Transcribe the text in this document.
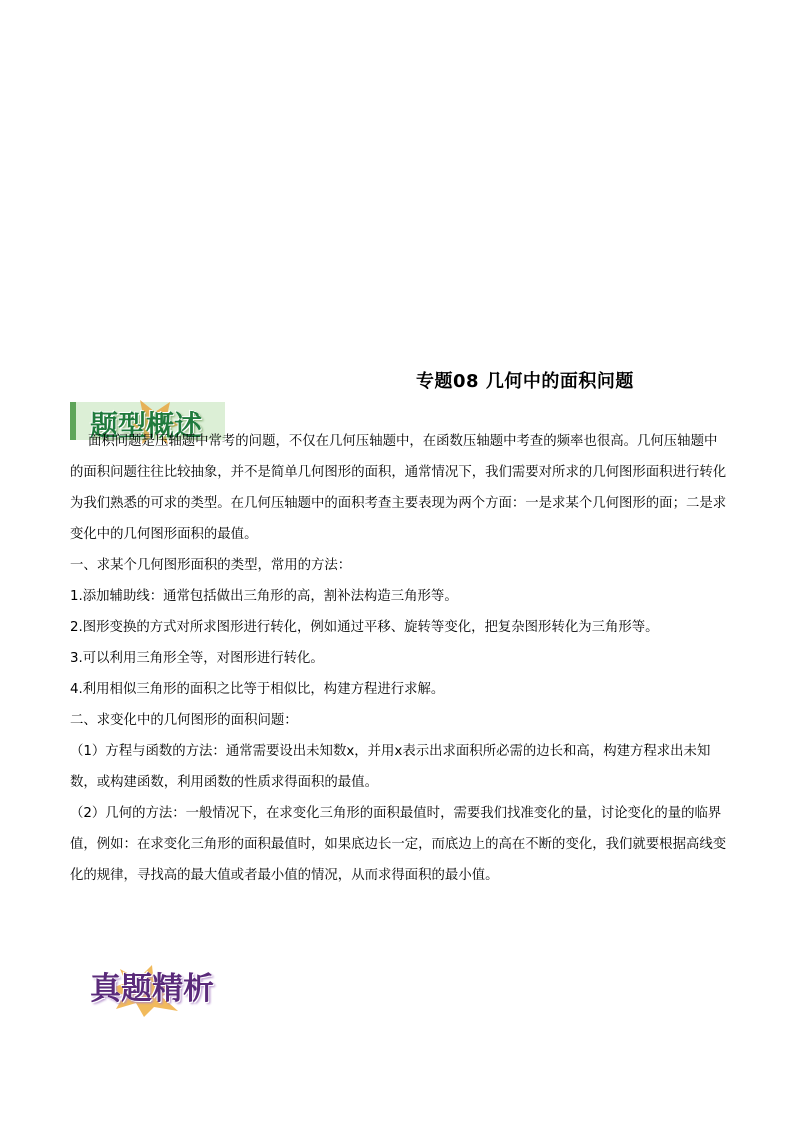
专题08 几何中的面积问题
题型概述

面积问题是压轴题中常考的问题，不仅在几何压轴题中，在函数压轴题中考查的频率也很高。几何压轴题中的面积问题往往比较抽象，并不是简单几何图形的面积，通常情况下，我们需要对所求的几何图形面积进行转化为我们熟悉的可求的类型。在几何压轴题中的面积考查主要表现为两个方面：一是求某个几何图形的面；二是求变化中的几何图形面积的最值。

一、求某个几何图形面积的类型，常用的方法：

1.添加辅助线：通常包括做出三角形的高，割补法构造三角形等。

2.图形变换的方式对所求图形进行转化，例如通过平移、旋转等变化，把复杂图形转化为三角形等。

3.可以利用三角形全等，对图形进行转化。

4.利用相似三角形的面积之比等于相似比，构建方程进行求解。

二、求变化中的几何图形的面积问题：

（1）方程与函数的方法：通常需要设出未知数x，并用x表示出求面积所必需的边长和高，构建方程求出未知数，或构建函数，利用函数的性质求得面积的最值。

（2）几何的方法：一般情况下，在求变化三角形的面积最值时，需要我们找准变化的量，讨论变化的量的临界值，例如：在求变化三角形的面积最值时，如果底边长一定，而底边上的高在不断的变化，我们就要根据高线变化的规律，寻找高的最大值或者最小值的情况，从而求得面积的最小值。

真题精析
